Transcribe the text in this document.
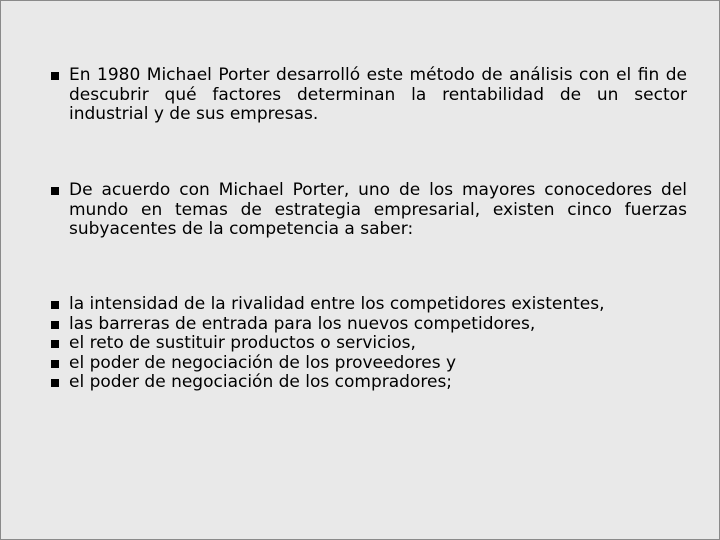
En 1980 Michael Porter desarrolló este método de análisis con el fin de descubrir qué factores determinan la rentabilidad de un sector industrial y de sus empresas.
De acuerdo con Michael Porter, uno de los mayores conocedores del mundo en temas de estrategia empresarial, existen cinco fuerzas subyacentes de la competencia a saber:
la intensidad de la rivalidad entre los competidores existentes,
las barreras de entrada para los nuevos competidores,
el reto de sustituir productos o servicios,
el poder de negociación de los proveedores y
el poder de negociación de los compradores;
